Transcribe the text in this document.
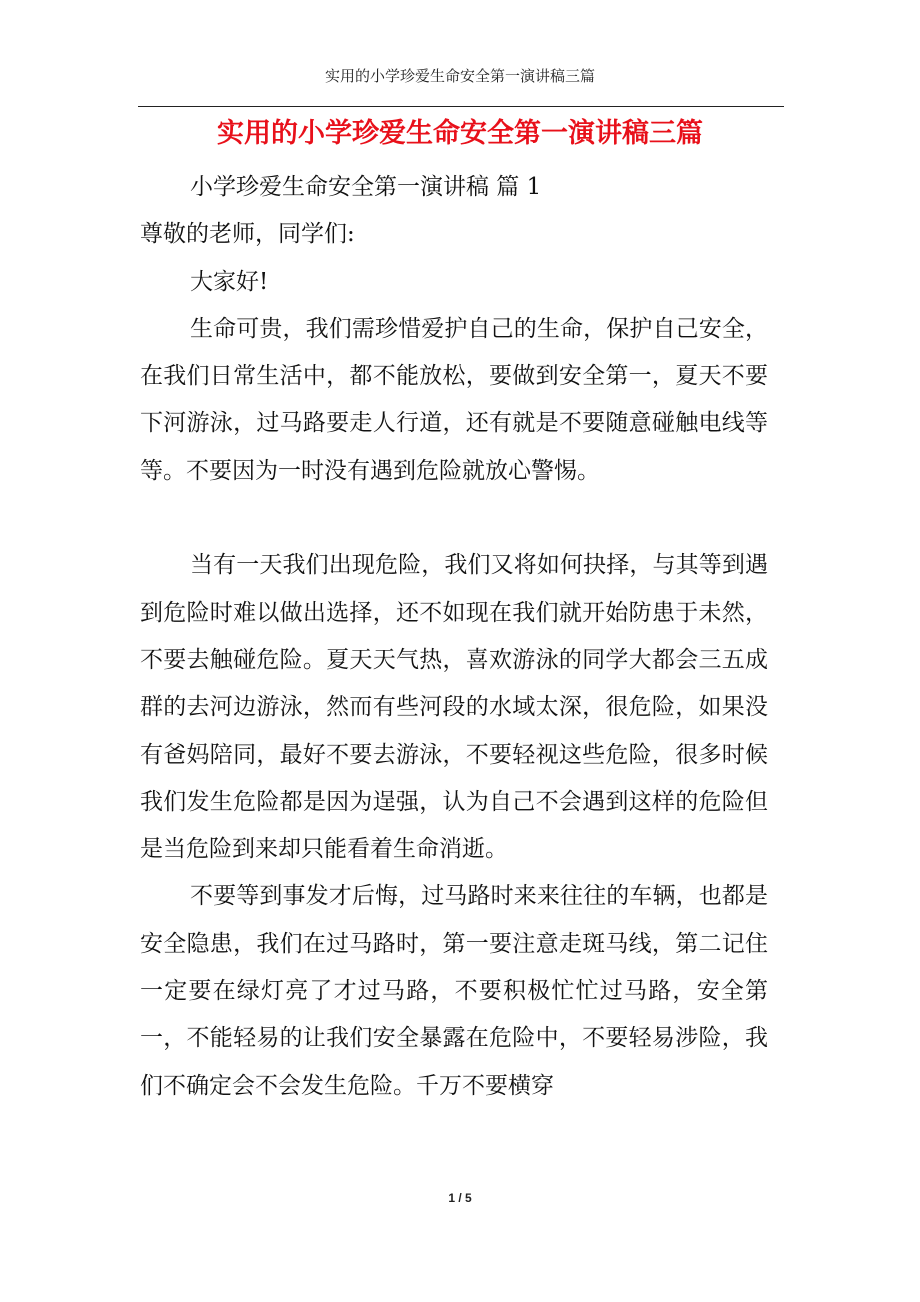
实用的小学珍爱生命安全第一演讲稿三篇
实用的小学珍爱生命安全第一演讲稿三篇

小学珍爱生命安全第一演讲稿 篇 1

尊敬的老师，同学们:

大家好!

生命可贵，我们需珍惜爱护自己的生命，保护自己安全，在我们日常生活中，都不能放松，要做到安全第一，夏天不要下河游泳，过马路要走人行道，还有就是不要随意碰触电线等等。不要因为一时没有遇到危险就放心警惕。

当有一天我们出现危险，我们又将如何抉择，与其等到遇到危险时难以做出选择，还不如现在我们就开始防患于未然，不要去触碰危险。夏天天气热，喜欢游泳的同学大都会三五成群的去河边游泳，然而有些河段的水域太深，很危险，如果没有爸妈陪同，最好不要去游泳，不要轻视这些危险，很多时候我们发生危险都是因为逞强，认为自己不会遇到这样的危险但是当危险到来却只能看着生命消逝。

不要等到事发才后悔，过马路时来来往往的车辆，也都是安全隐患，我们在过马路时，第一要注意走斑马线，第二记住一定要在绿灯亮了才过马路，不要积极忙忙过马路，安全第一，不能轻易的让我们安全暴露在危险中，不要轻易涉险，我们不确定会不会发生危险。千万不要横穿

1 / 5
